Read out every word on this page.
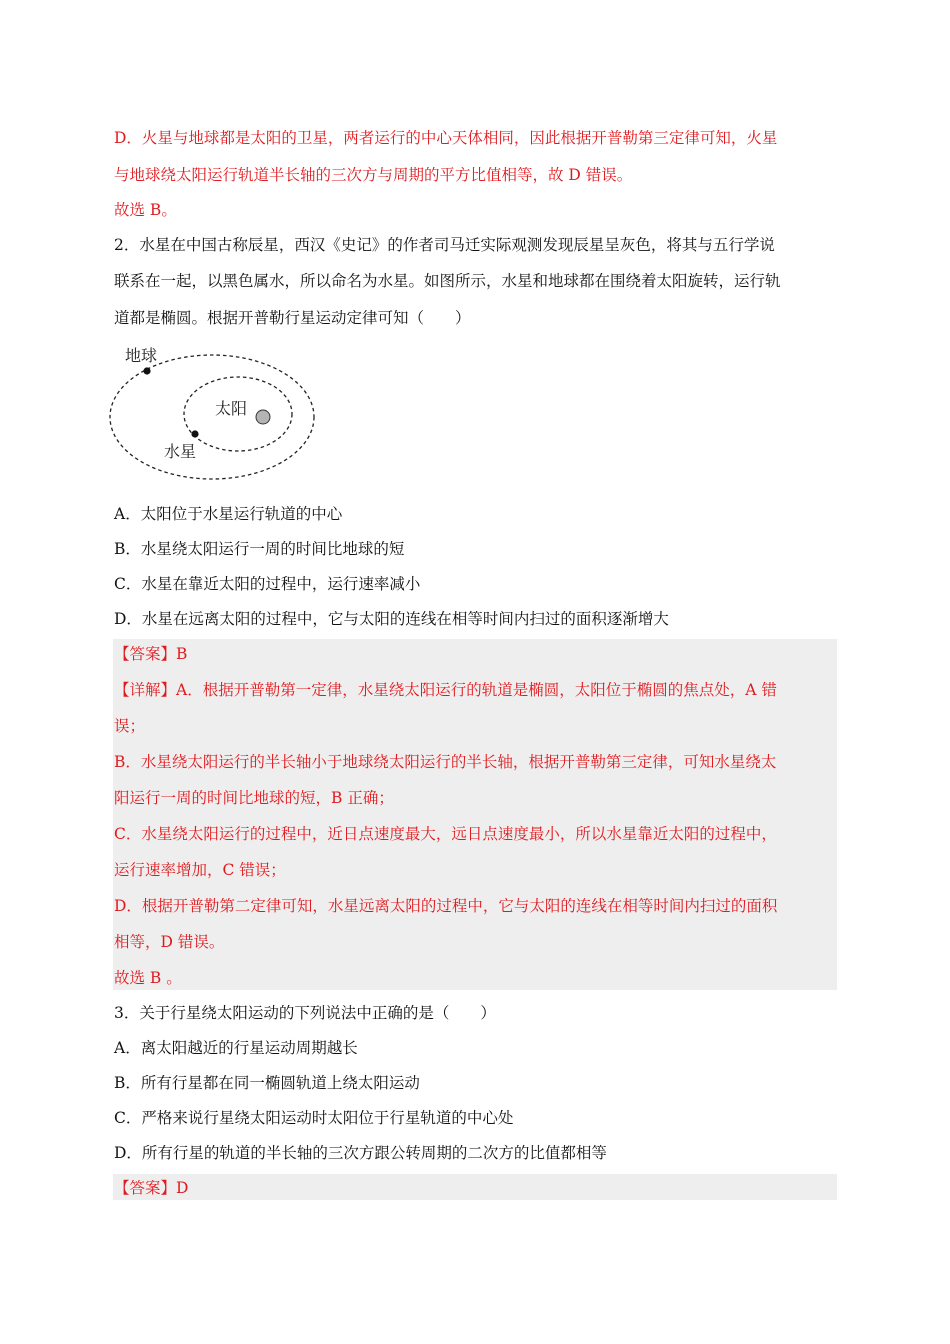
D．火星与地球都是太阳的卫星，两者运行的中心天体相同，因此根据开普勒第三定律可知，火星
与地球绕太阳运行轨道半长轴的三次方与周期的平方比值相等，故 D 错误。
故选 B。
2．水星在中国古称辰星，西汉《史记》的作者司马迁实际观测发现辰星呈灰色，将其与五行学说
联系在一起，以黑色属水，所以命名为水星。如图所示，水星和地球都在围绕着太阳旋转，运行轨
道都是椭圆。根据开普勒行星运动定律可知（　　）
地球
太阳
水星
A．太阳位于水星运行轨道的中心
B．水星绕太阳运行一周的时间比地球的短
C．水星在靠近太阳的过程中，运行速率减小
D．水星在远离太阳的过程中，它与太阳的连线在相等时间内扫过的面积逐渐增大
【答案】B
【详解】A．根据开普勒第一定律，水星绕太阳运行的轨道是椭圆，太阳位于椭圆的焦点处，A 错
误；
B．水星绕太阳运行的半长轴小于地球绕太阳运行的半长轴，根据开普勒第三定律，可知水星绕太
阳运行一周的时间比地球的短，B 正确；
C．水星绕太阳运行的过程中，近日点速度最大，远日点速度最小，所以水星靠近太阳的过程中，
运行速率增加，C 错误；
D．根据开普勒第二定律可知，水星远离太阳的过程中，它与太阳的连线在相等时间内扫过的面积
相等，D 错误。
故选 B 。
3．关于行星绕太阳运动的下列说法中正确的是（　　）
A．离太阳越近的行星运动周期越长
B．所有行星都在同一椭圆轨道上绕太阳运动
C．严格来说行星绕太阳运动时太阳位于行星轨道的中心处
D．所有行星的轨道的半长轴的三次方跟公转周期的二次方的比值都相等
【答案】D
